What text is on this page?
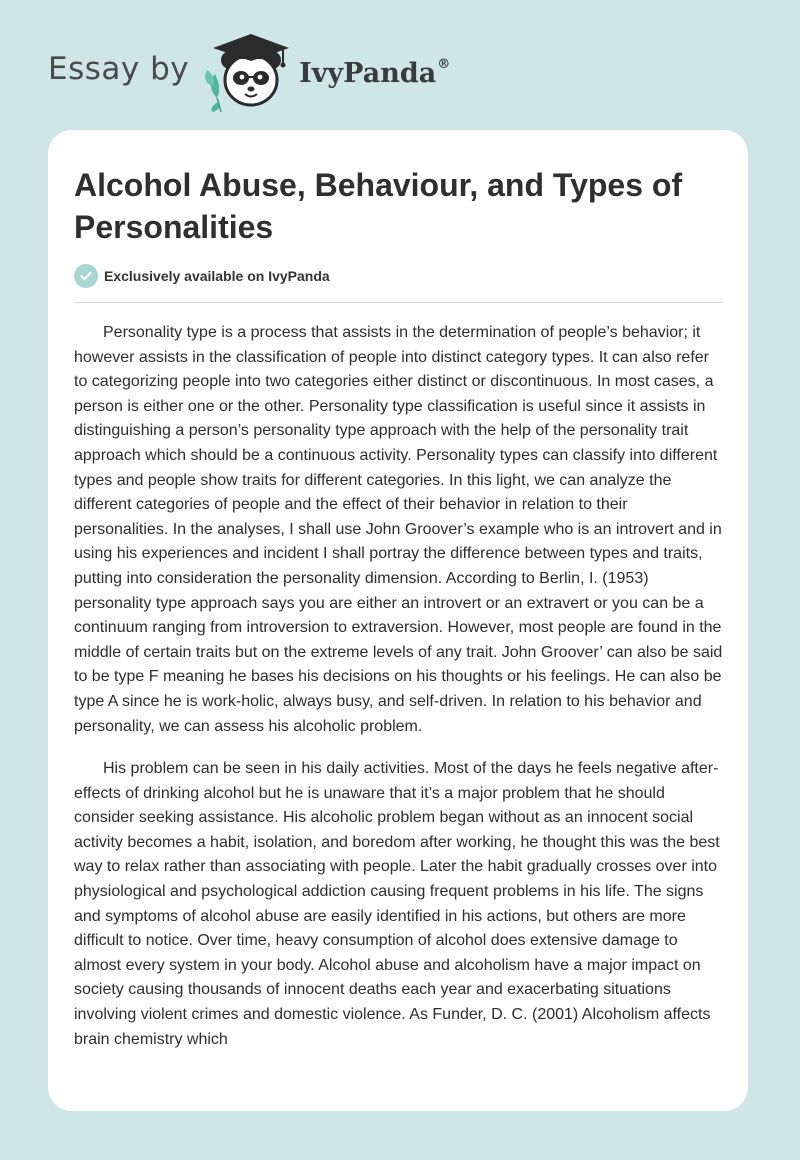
Essay by	IvyPanda®
Alcohol Abuse, Behaviour, and Types of Personalities
Exclusively available on IvyPanda

Personality type is a process that assists in the determination of people’s behavior; it however assists in the classification of people into distinct category types. It can also refer to categorizing people into two categories either distinct or discontinuous. In most cases, a person is either one or the other. Personality type classification is useful since it assists in distinguishing a person’s personality type approach with the help of the personality trait approach which should be a continuous activity. Personality types can classify into different types and people show traits for different categories. In this light, we can analyze the different categories of people and the effect of their behavior in relation to their personalities. In the analyses, I shall use John Groover’s example who is an introvert and in using his experiences and incident I shall portray the difference between types and traits, putting into consideration the personality dimension. According to Berlin, I. (1953) personality type approach says you are either an introvert or an extravert or you can be a continuum ranging from introversion to extraversion. However, most people are found in the middle of certain traits but on the extreme levels of any trait. John Groover’ can also be said to be type F meaning he bases his decisions on his thoughts or his feelings. He can also be type A since he is work-holic, always busy, and self-driven. In relation to his behavior and personality, we can assess his alcoholic problem.

His problem can be seen in his daily activities. Most of the days he feels negative after-effects of drinking alcohol but he is unaware that it’s a major problem that he should consider seeking assistance. His alcoholic problem began without as an innocent social activity becomes a habit, isolation, and boredom after working, he thought this was the best way to relax rather than associating with people. Later the habit gradually crosses over into physiological and psychological addiction causing frequent problems in his life. The signs and symptoms of alcohol abuse are easily identified in his actions, but others are more difficult to notice. Over time, heavy consumption of alcohol does extensive damage to almost every system in your body. Alcohol abuse and alcoholism have a major impact on society causing thousands of innocent deaths each year and exacerbating situations involving violent crimes and domestic violence. As Funder, D. C. (2001) Alcoholism affects brain chemistry which
